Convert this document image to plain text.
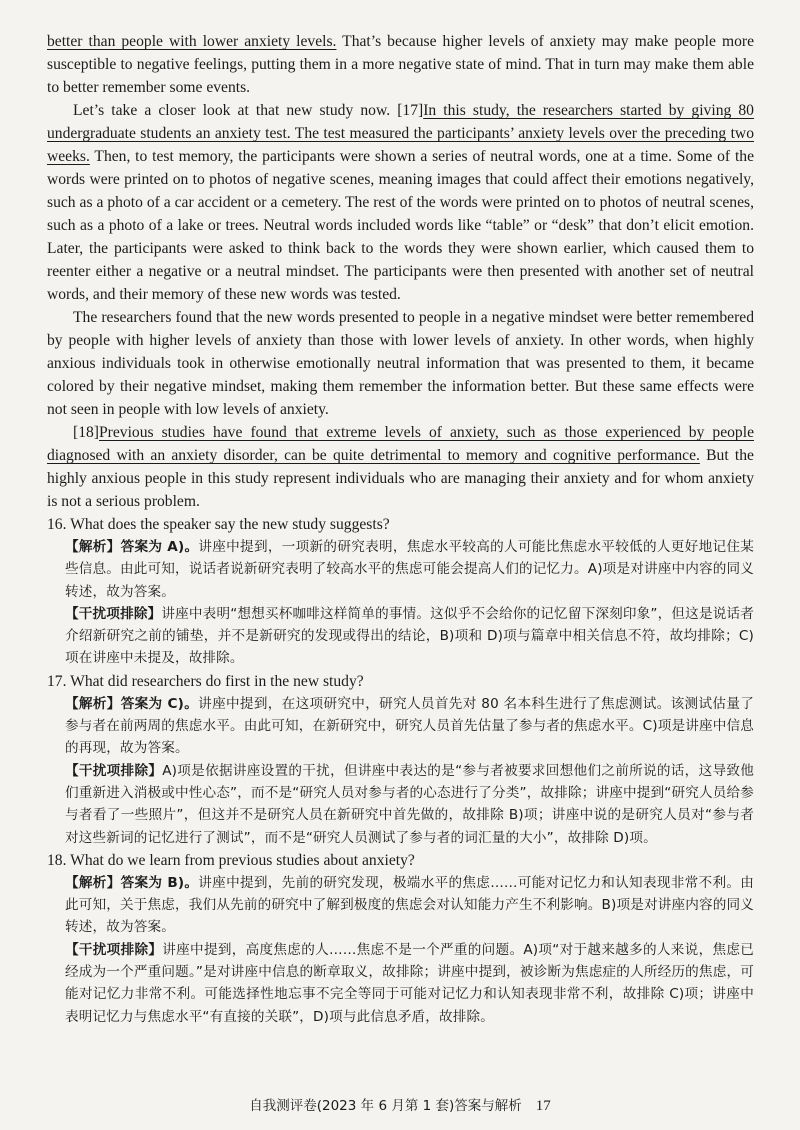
better than people with lower anxiety levels. That’s because higher levels of anxiety may make people more susceptible to negative feelings, putting them in a more negative state of mind. That in turn may make them able to better remember some events.

Let’s take a closer look at that new study now. [17]In this study, the researchers started by giving 80 undergraduate students an anxiety test. The test measured the participants’ anxiety levels over the preceding two weeks. Then, to test memory, the participants were shown a series of neutral words, one at a time. Some of the words were printed on to photos of negative scenes, meaning images that could affect their emotions negatively, such as a photo of a car accident or a cemetery. The rest of the words were printed on to photos of neutral scenes, such as a photo of a lake or trees. Neutral words included words like “table” or “desk” that don’t elicit emotion. Later, the participants were asked to think back to the words they were shown earlier, which caused them to reenter either a negative or a neutral mindset. The participants were then presented with another set of neutral words, and their memory of these new words was tested.

The researchers found that the new words presented to people in a negative mindset were better remembered by people with higher levels of anxiety than those with lower levels of anxiety. In other words, when highly anxious individuals took in otherwise emotionally neutral information that was presented to them, it became colored by their negative mindset, making them remember the information better. But these same effects were not seen in people with low levels of anxiety.

[18]Previous studies have found that extreme levels of anxiety, such as those experienced by people diagnosed with an anxiety disorder, can be quite detrimental to memory and cognitive performance. But the highly anxious people in this study represent individuals who are managing their anxiety and for whom anxiety is not a serious problem.

16. What does the speaker say the new study suggests?

【解析】答案为 A)。讲座中提到，一项新的研究表明，焦虑水平较高的人可能比焦虑水平较低的人更好地记住某些信息。由此可知，说话者说新研究表明了较高水平的焦虑可能会提高人们的记忆力。A)项是对讲座中内容的同义转述，故为答案。

【干扰项排除】讲座中表明“想想买杯咖啡这样简单的事情。这似乎不会给你的记忆留下深刻印象”，但这是说话者介绍新研究之前的铺垫，并不是新研究的发现或得出的结论，B)项和 D)项与篇章中相关信息不符，故均排除；C)项在讲座中未提及，故排除。

17. What did researchers do first in the new study?

【解析】答案为 C)。讲座中提到，在这项研究中，研究人员首先对 80 名本科生进行了焦虑测试。该测试估量了参与者在前两周的焦虑水平。由此可知，在新研究中，研究人员首先估量了参与者的焦虑水平。C)项是讲座中信息的再现，故为答案。

【干扰项排除】A)项是依据讲座设置的干扰，但讲座中表达的是“参与者被要求回想他们之前所说的话，这导致他们重新进入消极或中性心态”，而不是“研究人员对参与者的心态进行了分类”，故排除；讲座中提到“研究人员给参与者看了一些照片”，但这并不是研究人员在新研究中首先做的，故排除 B)项；讲座中说的是研究人员对“参与者对这些新词的记忆进行了测试”，而不是“研究人员测试了参与者的词汇量的大小”，故排除 D)项。

18. What do we learn from previous studies about anxiety?

【解析】答案为 B)。讲座中提到，先前的研究发现，极端水平的焦虑……可能对记忆力和认知表现非常不利。由此可知，关于焦虑，我们从先前的研究中了解到极度的焦虑会对认知能力产生不利影响。B)项是对讲座内容的同义转述，故为答案。

【干扰项排除】讲座中提到，高度焦虑的人……焦虑不是一个严重的问题。A)项“对于越来越多的人来说，焦虑已经成为一个严重问题。”是对讲座中信息的断章取义，故排除；讲座中提到，被诊断为焦虑症的人所经历的焦虑，可能对记忆力非常不利。可能选择性地忘事不完全等同于可能对记忆力和认知表现非常不利，故排除 C)项；讲座中表明记忆力与焦虑水平“有直接的关联”，D)项与此信息矛盾，故排除。

自我测评卷(2023 年 6 月第 1 套)答案与解析 17
